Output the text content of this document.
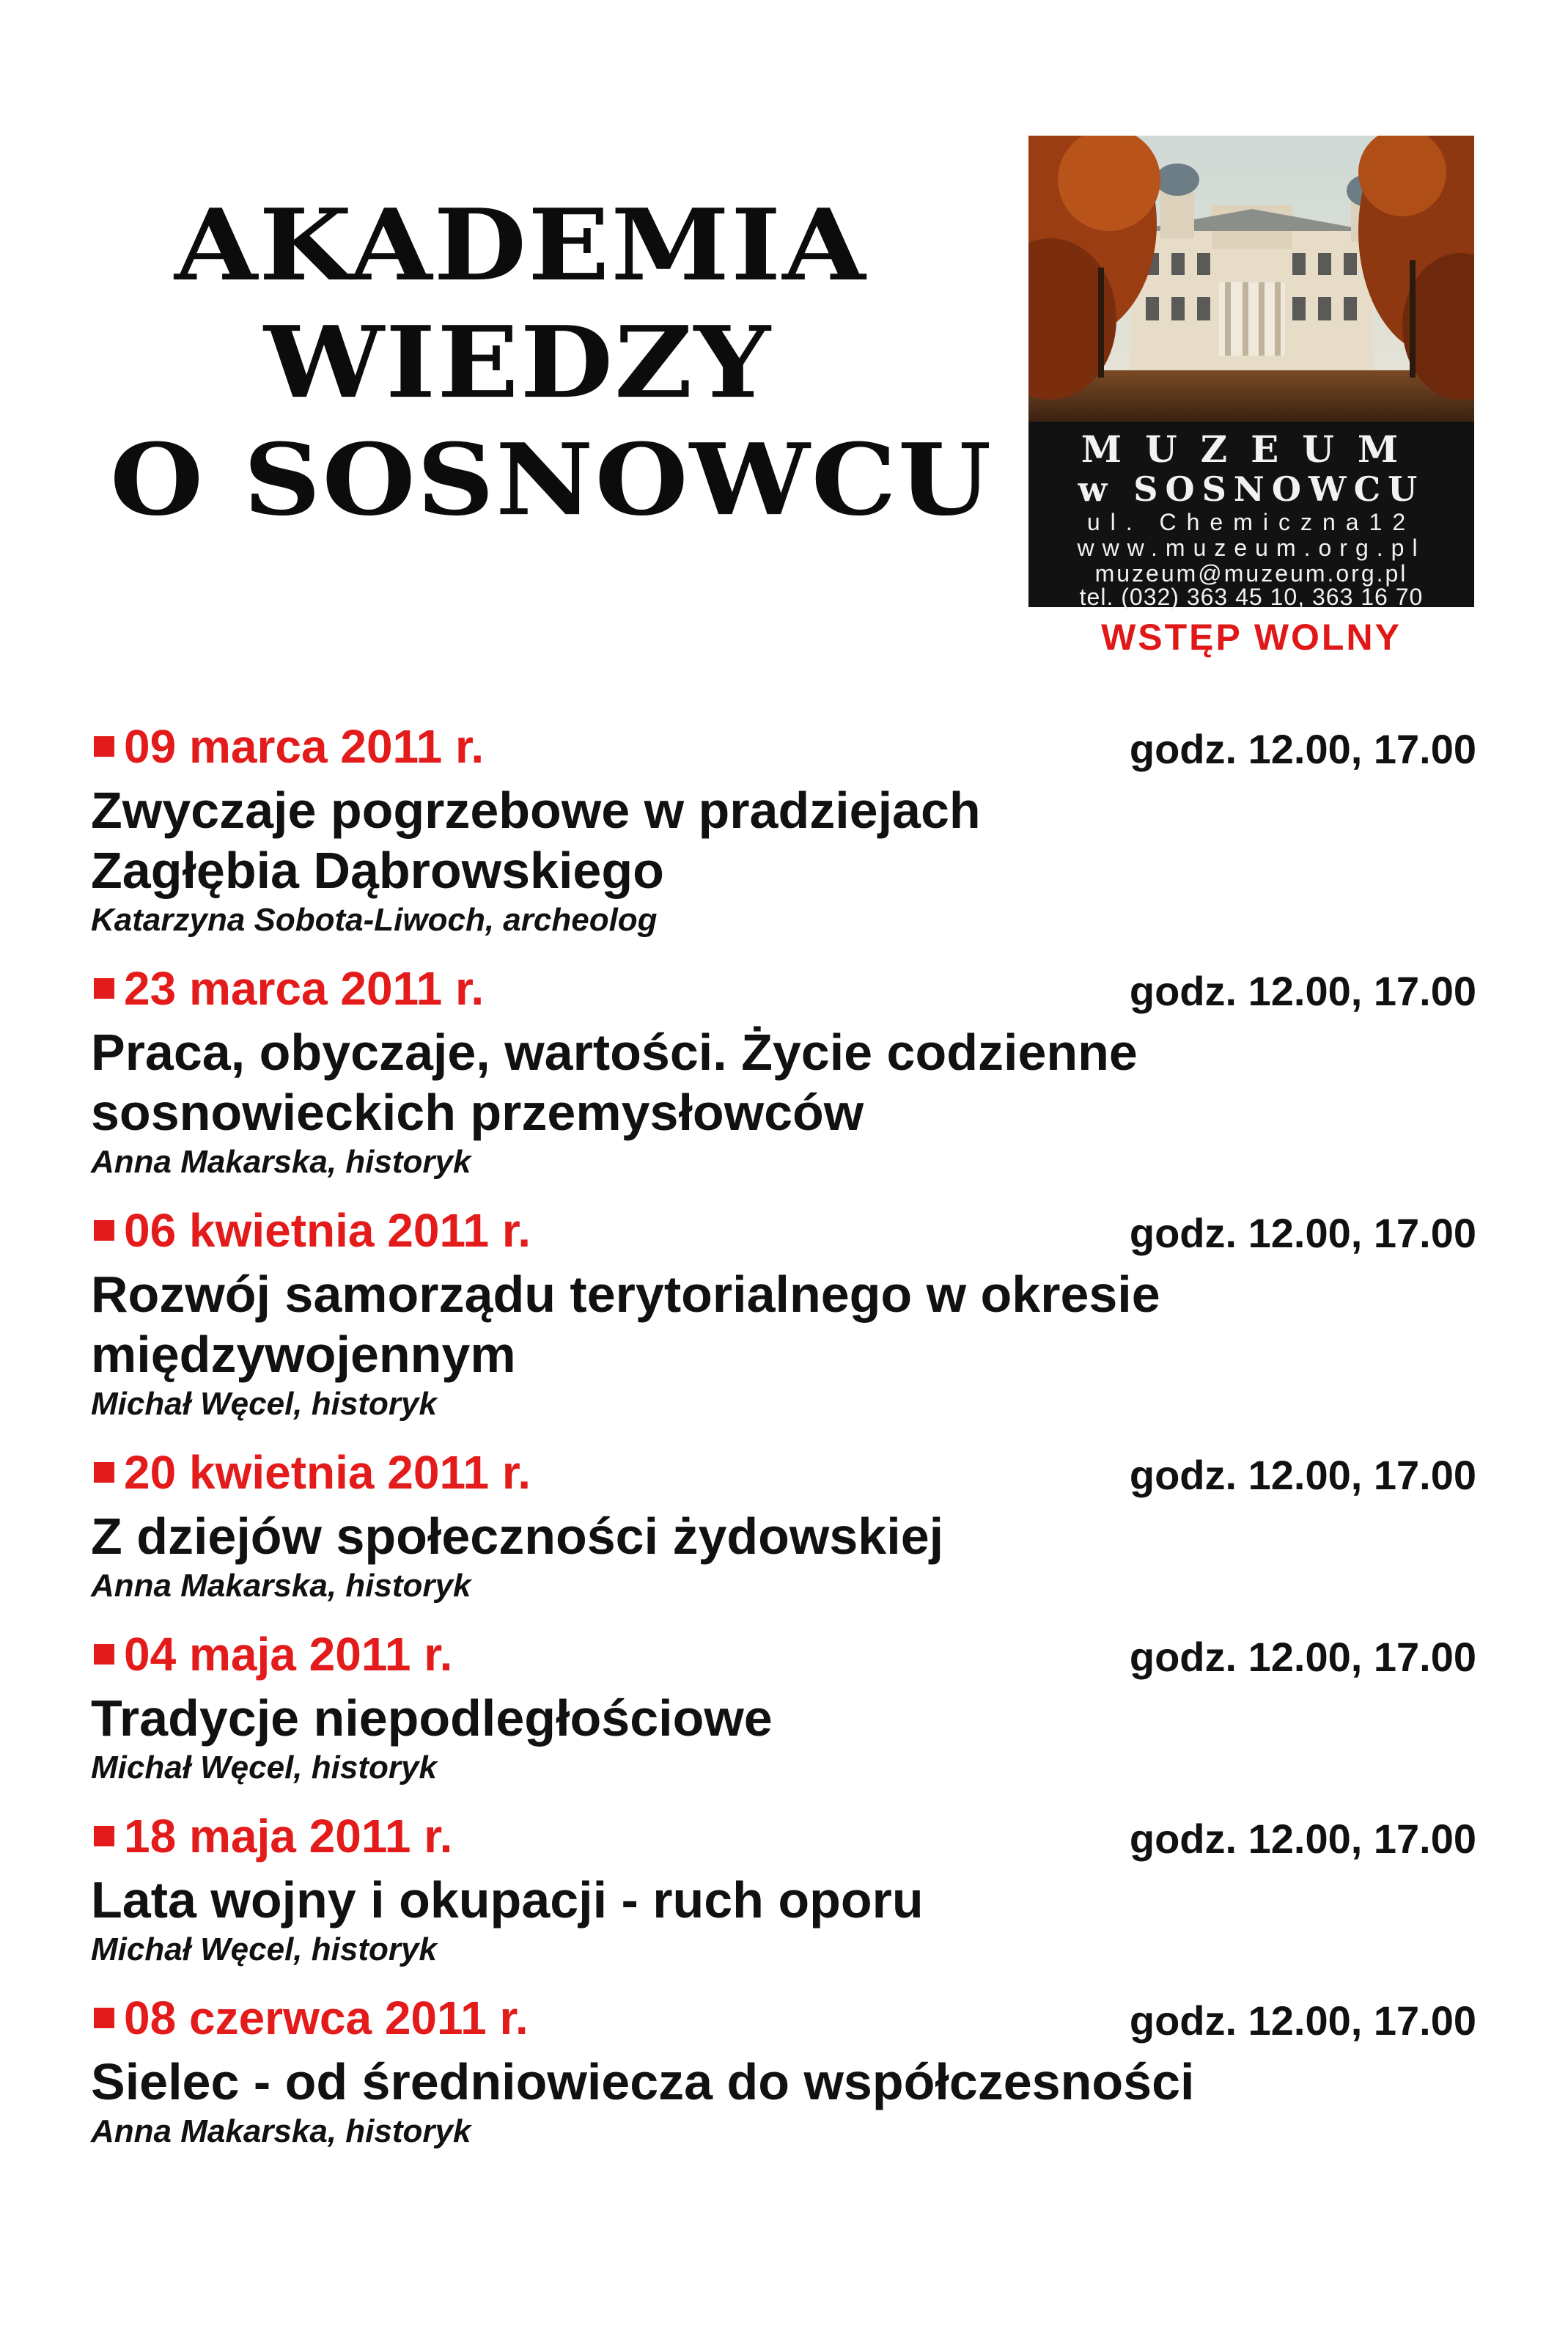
AKADEMIA
WIEDZY
O SOSNOWCU	MUZEUM
w SOSNOWCU
ul. Chemiczna12
www.muzeum.org.pl
muzeum@muzeum.org.pl
tel. (032) 363 45 10, 363 16 70
WSTĘP WOLNY
09 marca 2011 r.	godz. 12.00, 17.00
Zwyczaje pogrzebowe w pradziejach
Zagłębia Dąbrowskiego
Katarzyna Sobota-Liwoch, archeolog
23 marca 2011 r.	godz. 12.00, 17.00
Praca, obyczaje, wartości. Życie codzienne
sosnowieckich przemysłowców
Anna Makarska, historyk
06 kwietnia 2011 r.	godz. 12.00, 17.00
Rozwój samorządu terytorialnego w okresie
międzywojennym
Michał Węcel, historyk
20 kwietnia 2011 r.	godz. 12.00, 17.00
Z dziejów społeczności żydowskiej
Anna Makarska, historyk
04 maja 2011 r.	godz. 12.00, 17.00
Tradycje niepodległościowe
Michał Węcel, historyk
18 maja 2011 r.	godz. 12.00, 17.00
Lata wojny i okupacji - ruch oporu
Michał Węcel, historyk
08 czerwca 2011 r.	godz. 12.00, 17.00
Sielec - od średniowiecza do współczesności
Anna Makarska, historyk
